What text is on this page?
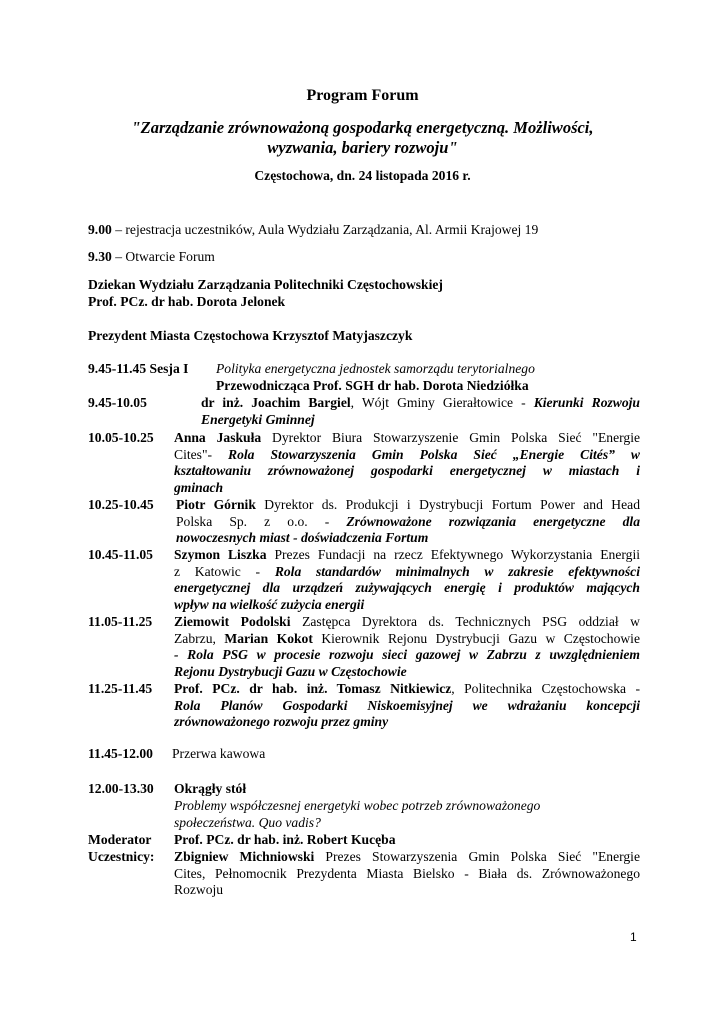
Program Forum
"Zarządzanie zrównoważoną gospodarką energetyczną. Możliwości,
wyzwania, bariery rozwoju"
Częstochowa, dn. 24 listopada 2016 r.
9.00 – rejestracja uczestników, Aula Wydziału Zarządzania, Al. Armii Krajowej 19
9.30 – Otwarcie Forum
Dziekan Wydziału Zarządzania Politechniki Częstochowskiej
Prof. PCz. dr hab. Dorota Jelonek
Prezydent Miasta Częstochowa Krzysztof Matyjaszczyk
9.45-11.45 Sesja I Polityka energetyczna jednostek samorządu terytorialnego
Przewodnicząca Prof. SGH dr hab. Dorota Niedziółka
9.45-10.05	dr inż. Joachim Bargiel, Wójt Gminy Gierałtowice - Kierunki Rozwoju
Energetyki Gminnej
10.05-10.25 Anna Jaskuła Dyrektor Biura Stowarzyszenie Gmin Polska Sieć "Energie
Cites"- Rola Stowarzyszenia Gmin Polska Sieć „Energie Cités” w
kształtowaniu zrównoważonej gospodarki energetycznej w miastach i
gminach
10.25-10.45 Piotr Górnik Dyrektor ds. Produkcji i Dystrybucji Fortum Power and Head
Polska Sp. z o.o. - Zrównoważone rozwiązania energetyczne dla
nowoczesnych miast - doświadczenia Fortum
10.45-11.05 Szymon Liszka Prezes Fundacji na rzecz Efektywnego Wykorzystania Energii
z Katowic - Rola standardów minimalnych w zakresie efektywności
energetycznej dla urządzeń zużywających energię i produktów mających
wpływ na wielkość zużycia energii
11.05-11.25 Ziemowit Podolski Zastępca Dyrektora ds. Technicznych PSG oddział w
Zabrzu, Marian Kokot Kierownik Rejonu Dystrybucji Gazu w Częstochowie
- Rola PSG w procesie rozwoju sieci gazowej w Zabrzu z uwzględnieniem
Rejonu Dystrybucji Gazu w Częstochowie
11.25-11.45 Prof. PCz. dr hab. inż. Tomasz Nitkiewicz, Politechnika Częstochowska -
Rola Planów Gospodarki Niskoemisyjnej we wdrażaniu koncepcji
zrównoważonego rozwoju przez gminy
11.45-12.00 Przerwa kawowa
12.00-13.30 Okrągły stół
Problemy współczesnej energetyki wobec potrzeb zrównoważonego
społeczeństwa. Quo vadis?
Moderator Prof. PCz. dr hab. inż. Robert Kucęba
Uczestnicy: Zbigniew Michniowski Prezes Stowarzyszenia Gmin Polska Sieć "Energie
Cites, Pełnomocnik Prezydenta Miasta Bielsko - Biała ds. Zrównoważonego
Rozwoju
1
